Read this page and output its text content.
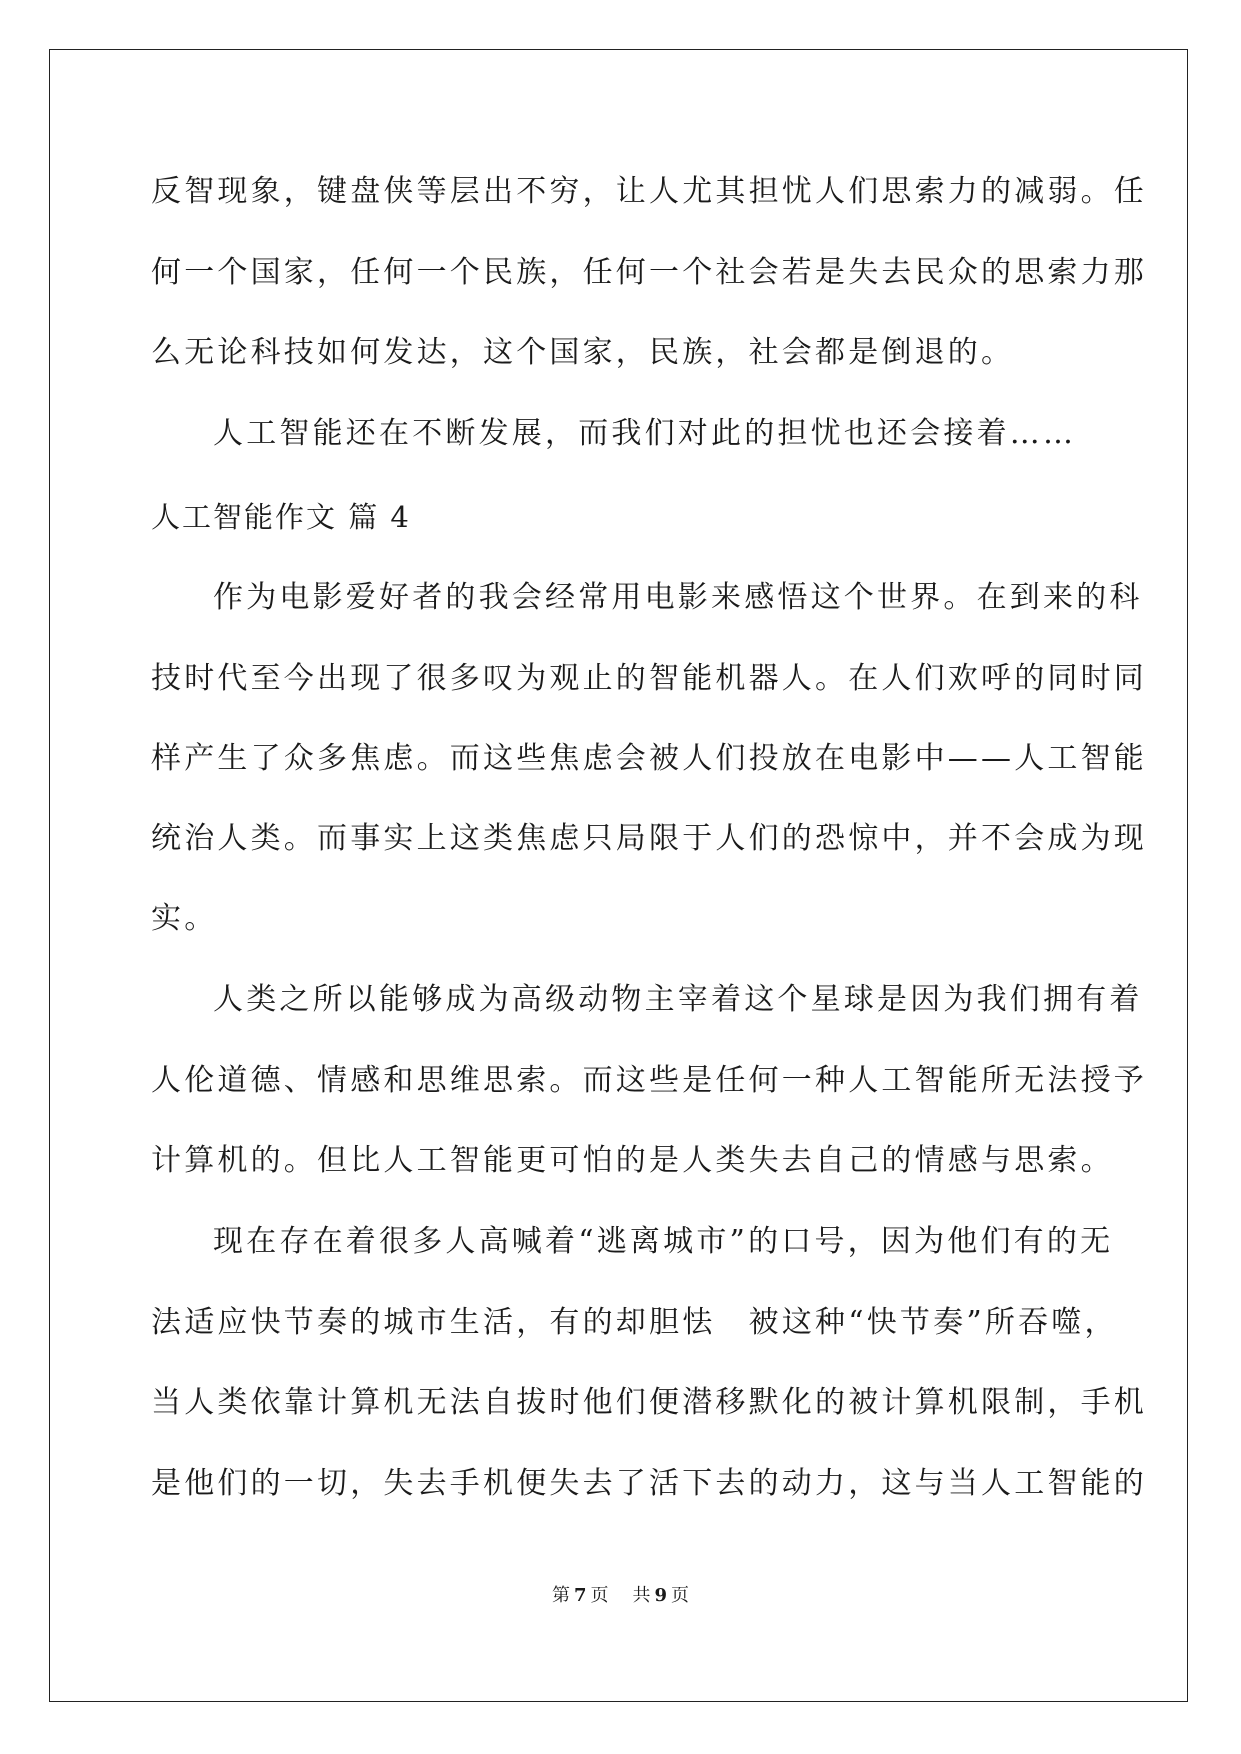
反智现象，键盘侠等层出不穷，让人尤其担忧人们思索力的减弱。任
何一个国家，任何一个民族，任何一个社会若是失去民众的思索力那
么无论科技如何发达，这个国家，民族，社会都是倒退的。
人工智能还在不断发展，而我们对此的担忧也还会接着……
人工智能作文 篇 4
作为电影爱好者的我会经常用电影来感悟这个世界。在到来的科
技时代至今出现了很多叹为观止的智能机器人。在人们欢呼的同时同
样产生了众多焦虑。而这些焦虑会被人们投放在电影中——人工智能
统治人类。而事实上这类焦虑只局限于人们的恐惊中，并不会成为现
实。
人类之所以能够成为高级动物主宰着这个星球是因为我们拥有着
人伦道德、情感和思维思索。而这些是任何一种人工智能所无法授予
计算机的。但比人工智能更可怕的是人类失去自己的情感与思索。
现在存在着很多人高喊着“逃离城市”的口号，因为他们有的无
法适应快节奏的城市生活，有的却胆怯　被这种“快节奏”所吞噬，
当人类依靠计算机无法自拔时他们便潜移默化的被计算机限制，手机
是他们的一切，失去手机便失去了活下去的动力，这与当人工智能的
第 7 页 共 9 页
